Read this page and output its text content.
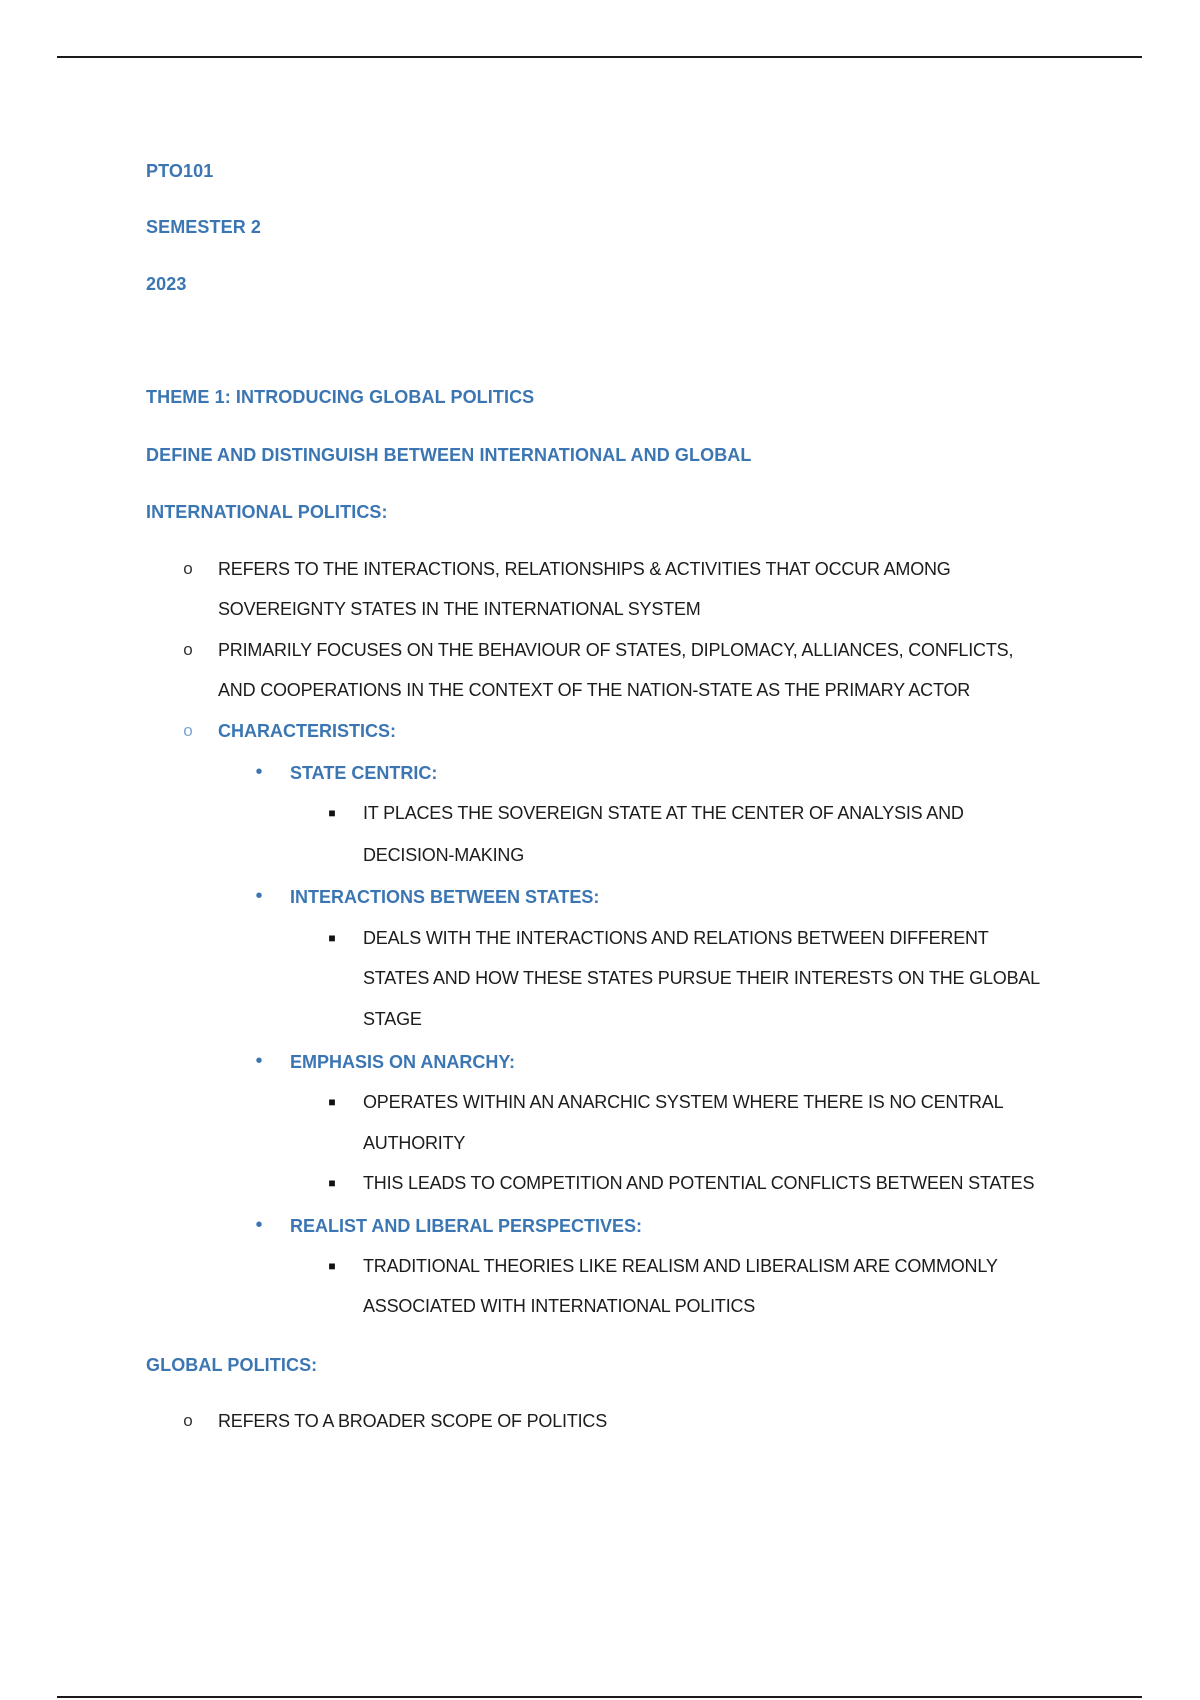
PTO101
SEMESTER 2
2023
THEME 1: INTRODUCING GLOBAL POLITICS
DEFINE AND DISTINGUISH BETWEEN INTERNATIONAL AND GLOBAL
INTERNATIONAL POLITICS:
o REFERS TO THE INTERACTIONS, RELATIONSHIPS & ACTIVITIES THAT OCCUR AMONG
SOVEREIGNTY STATES IN THE INTERNATIONAL SYSTEM
o PRIMARILY FOCUSES ON THE BEHAVIOUR OF STATES, DIPLOMACY, ALLIANCES, CONFLICTS,
AND COOPERATIONS IN THE CONTEXT OF THE NATION-STATE AS THE PRIMARY ACTOR
o CHARACTERISTICS:
•	STATE CENTRIC:
■	IT PLACES THE SOVEREIGN STATE AT THE CENTER OF ANALYSIS AND
DECISION-MAKING
•	INTERACTIONS BETWEEN STATES:
■	DEALS WITH THE INTERACTIONS AND RELATIONS BETWEEN DIFFERENT
STATES AND HOW THESE STATES PURSUE THEIR INTERESTS ON THE GLOBAL
STAGE
•	EMPHASIS ON ANARCHY:
■	OPERATES WITHIN AN ANARCHIC SYSTEM WHERE THERE IS NO CENTRAL
AUTHORITY
■	THIS LEADS TO COMPETITION AND POTENTIAL CONFLICTS BETWEEN STATES
•	REALIST AND LIBERAL PERSPECTIVES:
■	TRADITIONAL THEORIES LIKE REALISM AND LIBERALISM ARE COMMONLY
ASSOCIATED WITH INTERNATIONAL POLITICS
GLOBAL POLITICS:
o REFERS TO A BROADER SCOPE OF POLITICS
